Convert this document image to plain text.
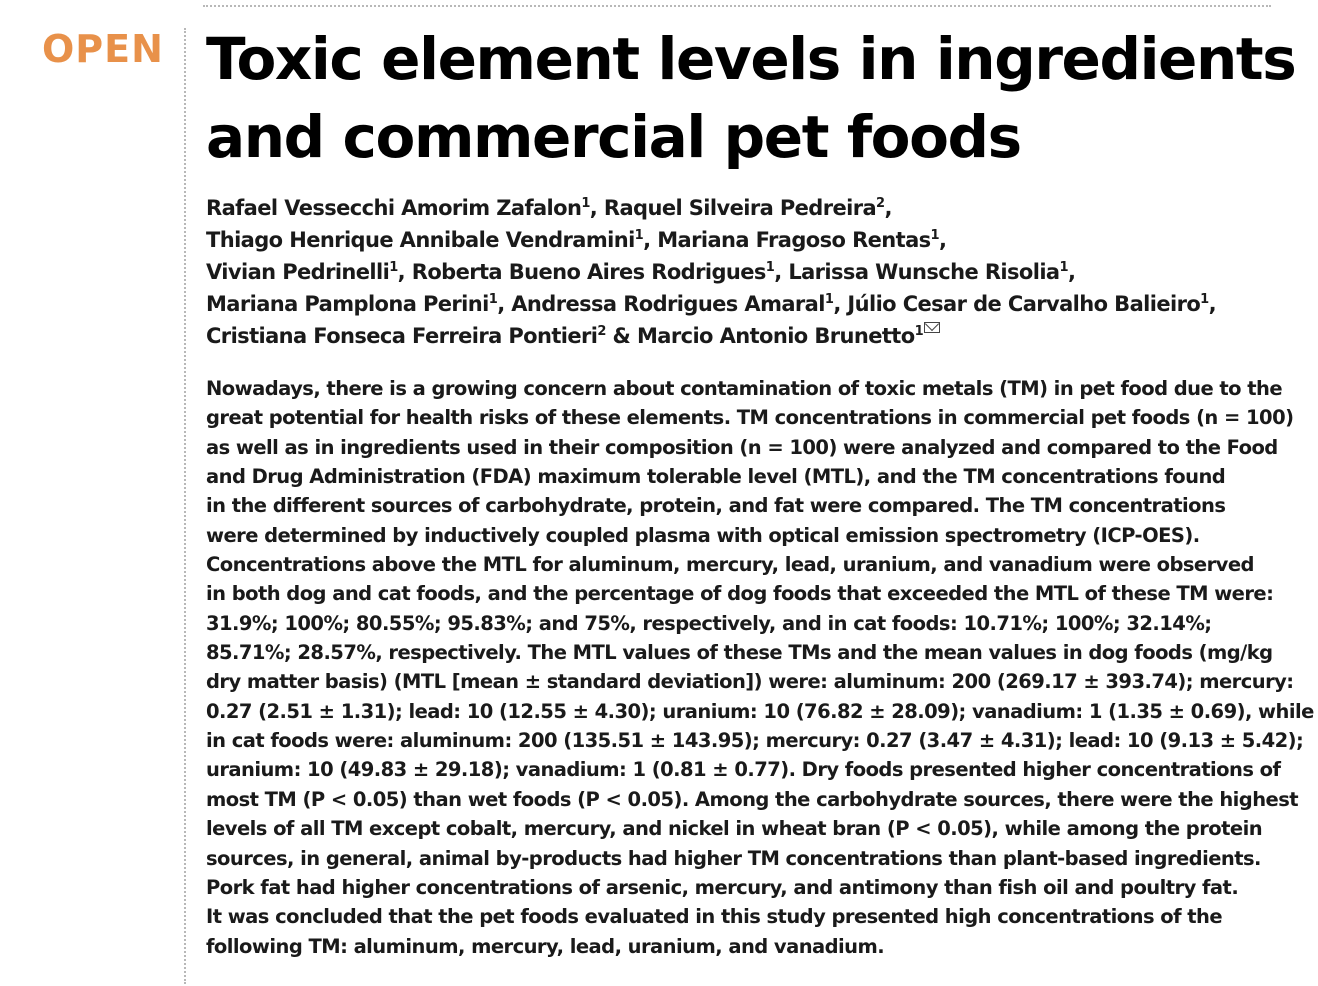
OPEN Toxic element levels in ingredients
and commercial pet foods
Rafael Vessecchi Amorim Zafalon$^1$, Raquel Silveira Pedreira$^2$,
Thiago Henrique Annibale Vendramini$^1$, Mariana Fragoso Rentas$^1$,
Vivian Pedrinelli$^1$, Roberta Bueno Aires Rodrigues$^1$, Larissa Wunsche Risolia$^1$,
Mariana Pamplona Perini$^1$, Andressa Rodrigues Amaral$^1$, Júlio Cesar de Carvalho Balieiro$^1$,
Cristiana Fonseca Ferreira Pontieri$^2$ & Marcio Antonio Brunetto$^1$
Nowadays, there is a growing concern about contamination of toxic metals (TM) in pet food due to the
great potential for health risks of these elements. TM concentrations in commercial pet foods (n = 100)
as well as in ingredients used in their composition (n = 100) were analyzed and compared to the Food
and Drug Administration (FDA) maximum tolerable level (MTL), and the TM concentrations found
in the different sources of carbohydrate, protein, and fat were compared. The TM concentrations
were determined by inductively coupled plasma with optical emission spectrometry (ICP-OES).
Concentrations above the MTL for aluminum, mercury, lead, uranium, and vanadium were observed
in both dog and cat foods, and the percentage of dog foods that exceeded the MTL of these TM were:
31.9%; 100%; 80.55%; 95.83%; and 75%, respectively, and in cat foods: 10.71%; 100%; 32.14%;
85.71%; 28.57%, respectively. The MTL values of these TMs and the mean values in dog foods (mg/kg
dry matter basis) (MTL [mean ± standard deviation]) were: aluminum: 200 (269.17 ± 393.74); mercury:
0.27 (2.51 ± 1.31); lead: 10 (12.55 ± 4.30); uranium: 10 (76.82 ± 28.09); vanadium: 1 (1.35 ± 0.69), while
in cat foods were: aluminum: 200 (135.51 ± 143.95); mercury: 0.27 (3.47 ± 4.31); lead: 10 (9.13 ± 5.42);
uranium: 10 (49.83 ± 29.18); vanadium: 1 (0.81 ± 0.77). Dry foods presented higher concentrations of
most TM (P < 0.05) than wet foods (P < 0.05). Among the carbohydrate sources, there were the highest
levels of all TM except cobalt, mercury, and nickel in wheat bran (P < 0.05), while among the protein
sources, in general, animal by-products had higher TM concentrations than plant-based ingredients.
Pork fat had higher concentrations of arsenic, mercury, and antimony than fish oil and poultry fat.
It was concluded that the pet foods evaluated in this study presented high concentrations of the
following TM: aluminum, mercury, lead, uranium, and vanadium.
